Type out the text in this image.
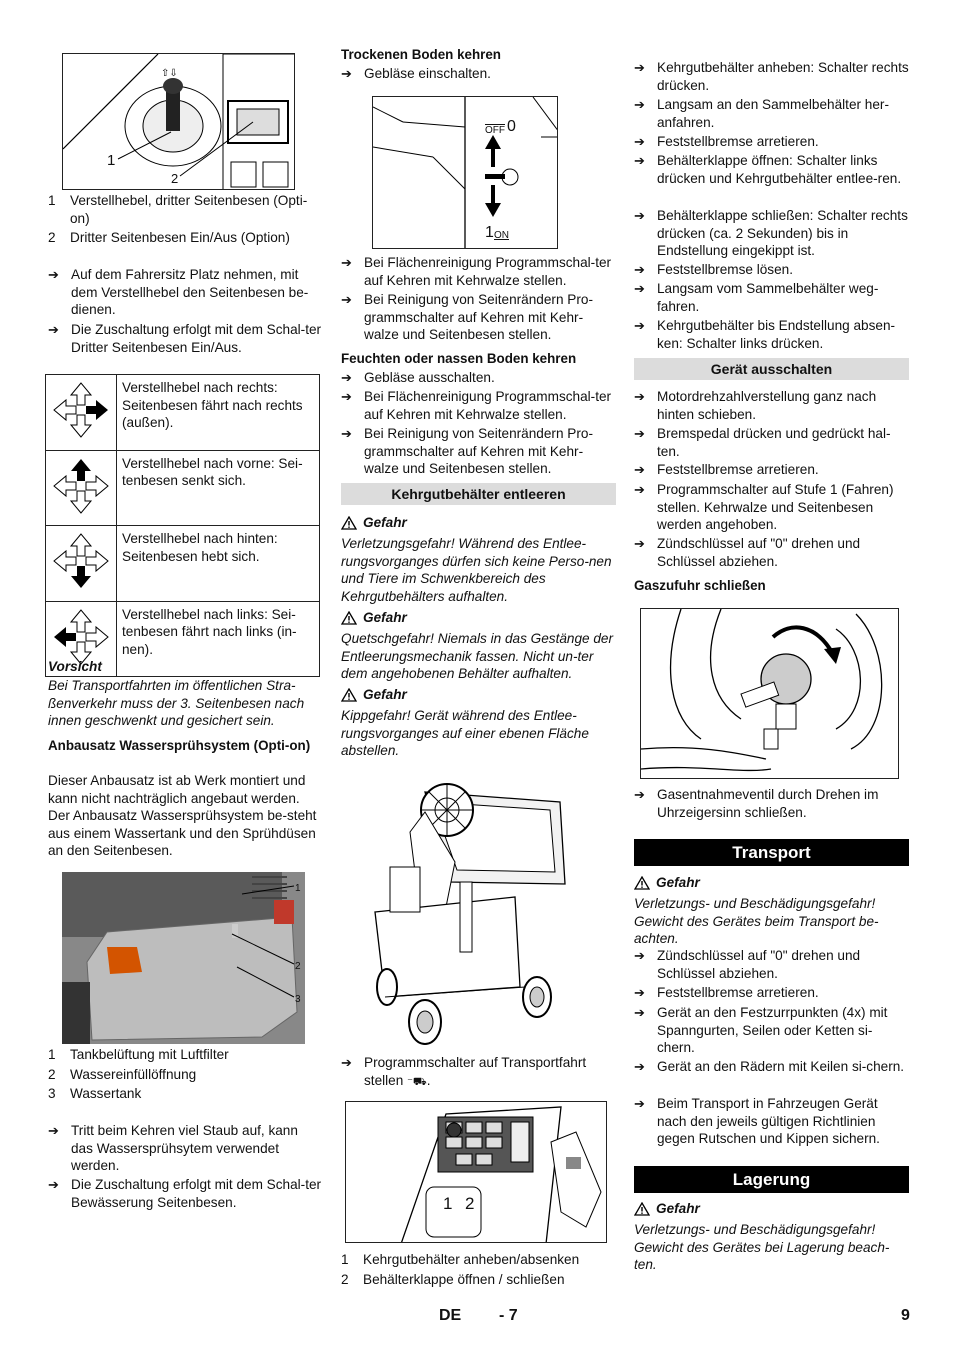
⇧⇩
1
2
1	Verstellhebel, dritter Seitenbesen (Opti-on)
2	Dritter Seitenbesen Ein/Aus (Option)
➔ Auf dem Fahrersitz Platz nehmen, mit dem Verstellhebel den Seitenbesen be-dienen.
➔ Die Zuschaltung erfolgt mit dem Schal-ter Dritter Seitenbesen Ein/Aus.
	Verstellhebel nach rechts: Seitenbesen fährt nach rechts (außen).
	Verstellhebel nach vorne: Sei-tenbesen senkt sich.
	Verstellhebel nach hinten: Seitenbesen hebt sich.
	Verstellhebel nach links: Sei-tenbesen fährt nach links (in-nen).
Vorsicht
Bei Transportfahrten im öffentlichen Stra-ßenverkehr muss der 3. Seitenbesen nach innen geschwenkt und gesichert sein.
Anbausatz Wassersprühsystem (Opti-on)
Dieser Anbausatz ist ab Werk montiert und kann nicht nachträglich angebaut werden. Der Anbausatz Wassersprühsystem be-steht aus einem Wassertank und den Sprühdüsen an den Seitenbesen.
1
2
3
1	Tankbelüftung mit Luftfilter
2	Wassereinfüllöffnung
3	Wassertank
➔ Tritt beim Kehren viel Staub auf, kann das Wassersprühsytem verwendet werden.
➔ Die Zuschaltung erfolgt mit dem Schal-ter Bewässerung Seitenbesen.
Trockenen Boden kehren
➔ Gebläse einschalten.
$\overline{OFF}$ 0
1 ON
➔ Bei Flächenreinigung Programmschal-ter auf Kehren mit Kehrwalze stellen.
➔ Bei Reinigung von Seitenrändern Pro-grammschalter auf Kehren mit Kehr-walze und Seitenbesen stellen.
Feuchten oder nassen Boden kehren
➔ Gebläse ausschalten.
➔ Bei Flächenreinigung Programmschal-ter auf Kehren mit Kehrwalze stellen.
➔ Bei Reinigung von Seitenrändern Pro-grammschalter auf Kehren mit Kehr-walze und Seitenbesen stellen.
Kehrgutbehälter entleeren
Gefahr
Verletzungsgefahr! Während des Entlee-rungsvorganges dürfen sich keine Perso-nen und Tiere im Schwenkbereich des Kehrgutbehälters aufhalten.
Gefahr
Quetschgefahr! Niemals in das Gestänge der Entleerungsmechanik fassen. Nicht un-ter dem angehobenen Behälter aufhalten.
Gefahr
Kippgefahr! Gerät während des Entlee-rungsvorganges auf einer ebenen Fläche abstellen.
➔ Programmschalter auf Transportfahrt stellen ⁻⛟.
1 2
1	Kehrgutbehälter anheben/absenken
2	Behälterklappe öffnen / schließen
➔ Kehrgutbehälter anheben: Schalter rechts drücken.
➔ Langsam an den Sammelbehälter her-anfahren.
➔ Feststellbremse arretieren.
➔ Behälterklappe öffnen: Schalter links drücken und Kehrgutbehälter entlee-ren.
➔ Behälterklappe schließen: Schalter rechts drücken (ca. 2 Sekunden) bis in Endstellung eingekippt ist.
➔ Feststellbremse lösen.
➔ Langsam vom Sammelbehälter weg-fahren.
➔ Kehrgutbehälter bis Endstellung absen-ken: Schalter links drücken.
Gerät ausschalten
➔ Motordrehzahlverstellung ganz nach hinten schieben.
➔ Bremspedal drücken und gedrückt hal-ten.
➔ Feststellbremse arretieren.
➔ Programmschalter auf Stufe 1 (Fahren) stellen. Kehrwalze und Seitenbesen werden angehoben.
➔ Zündschlüssel auf "0" drehen und Schlüssel abziehen.
Gaszufuhr schließen
➔ Gasentnahmeventil durch Drehen im Uhrzeigersinn schließen.
Transport
Gefahr
Verletzungs- und Beschädigungsgefahr! Gewicht des Gerätes beim Transport be-achten.
➔ Zündschlüssel auf "0" drehen und Schlüssel abziehen.
➔ Feststellbremse arretieren.
➔ Gerät an den Festzurrpunkten (4x) mit Spanngurten, Seilen oder Ketten si-chern.
➔ Gerät an den Rädern mit Keilen si-chern.
➔ Beim Transport in Fahrzeugen Gerät nach den jeweils gültigen Richtlinien gegen Rutschen und Kippen sichern.
Lagerung
Gefahr
Verletzungs- und Beschädigungsgefahr! Gewicht des Gerätes bei Lagerung beach-ten.
DE - 7	9
